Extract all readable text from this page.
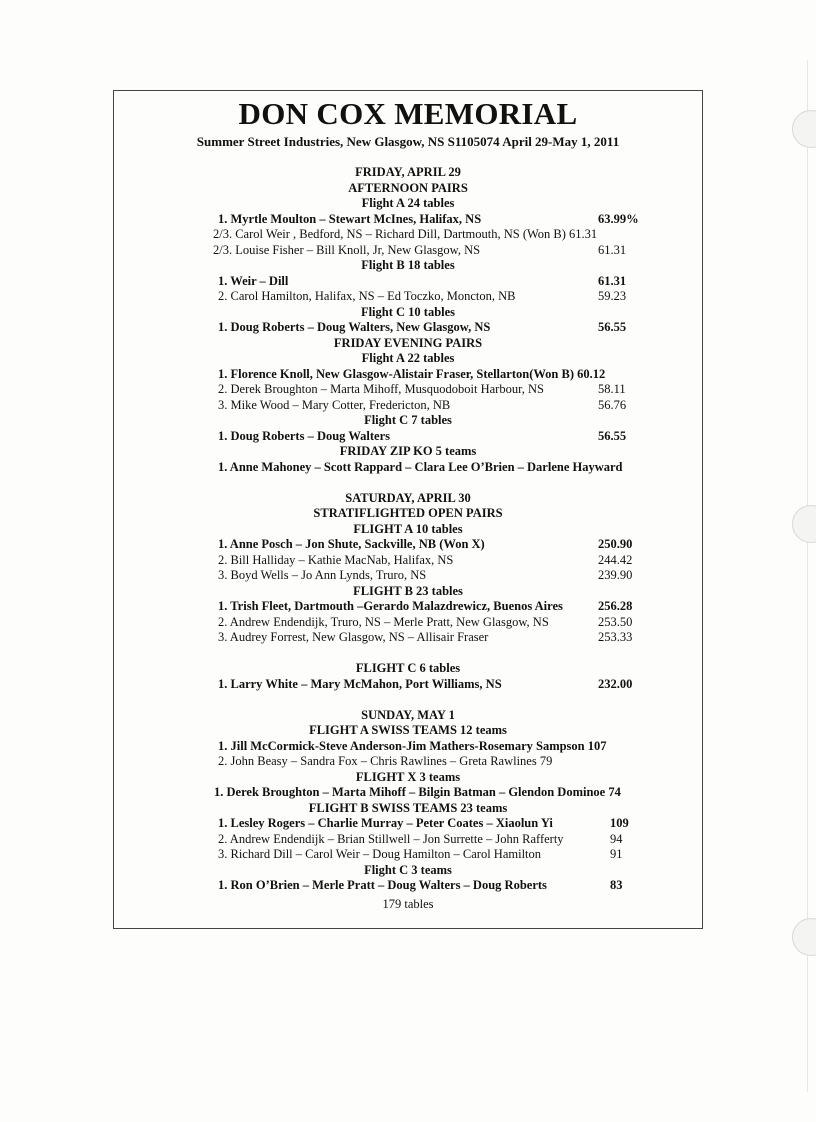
DON COX MEMORIAL
Summer Street Industries, New Glasgow, NS S1105074 April 29-May 1, 2011
FRIDAY, APRIL 29
AFTERNOON PAIRS
Flight A 24 tables
1. Myrtle Moulton – Stewart McInes, Halifax, NS	63.99%
2/3. Carol Weir , Bedford, NS – Richard Dill, Dartmouth, NS (Won B) 61.31
2/3. Louise Fisher – Bill Knoll, Jr, New Glasgow, NS	61.31
Flight B 18 tables
1. Weir – Dill	61.31
2. Carol Hamilton, Halifax, NS – Ed Toczko, Moncton, NB	59.23
Flight C 10 tables
1. Doug Roberts – Doug Walters, New Glasgow, NS	56.55
FRIDAY EVENING PAIRS
Flight A 22 tables
1. Florence Knoll, New Glasgow-Alistair Fraser, Stellarton(Won B) 60.12
2. Derek Broughton – Marta Mihoff, Musquodoboit Harbour, NS	58.11
3. Mike Wood – Mary Cotter, Fredericton, NB	56.76
Flight C 7 tables
1. Doug Roberts – Doug Walters	56.55
FRIDAY ZIP KO 5 teams
1. Anne Mahoney – Scott Rappard – Clara Lee O’Brien – Darlene Hayward
SATURDAY, APRIL 30
STRATIFLIGHTED OPEN PAIRS
FLIGHT A 10 tables
1. Anne Posch – Jon Shute, Sackville, NB (Won X)	250.90
2. Bill Halliday – Kathie MacNab, Halifax, NS	244.42
3. Boyd Wells – Jo Ann Lynds, Truro, NS	239.90
FLIGHT B 23 tables
1. Trish Fleet, Dartmouth –Gerardo Malazdrewicz, Buenos Aires	256.28
2. Andrew Endendijk, Truro, NS – Merle Pratt, New Glasgow, NS	253.50
3. Audrey Forrest, New Glasgow, NS – Allisair Fraser	253.33
FLIGHT C 6 tables
1. Larry White – Mary McMahon, Port Williams, NS	232.00
SUNDAY, MAY 1
FLIGHT A SWISS TEAMS 12 teams
1. Jill McCormick-Steve Anderson-Jim Mathers-Rosemary Sampson 107
2. John Beasy – Sandra Fox – Chris Rawlines – Greta Rawlines 79
FLIGHT X 3 teams
1. Derek Broughton – Marta Mihoff – Bilgin Batman – Glendon Dominoe 74
FLIGHT B SWISS TEAMS 23 teams
1. Lesley Rogers – Charlie Murray – Peter Coates – Xiaolun Yi	109
2. Andrew Endendijk – Brian Stillwell – Jon Surrette – John Rafferty	94
3. Richard Dill – Carol Weir – Doug Hamilton – Carol Hamilton	91
Flight C 3 teams
1. Ron O’Brien – Merle Pratt – Doug Walters – Doug Roberts	83
179 tables
